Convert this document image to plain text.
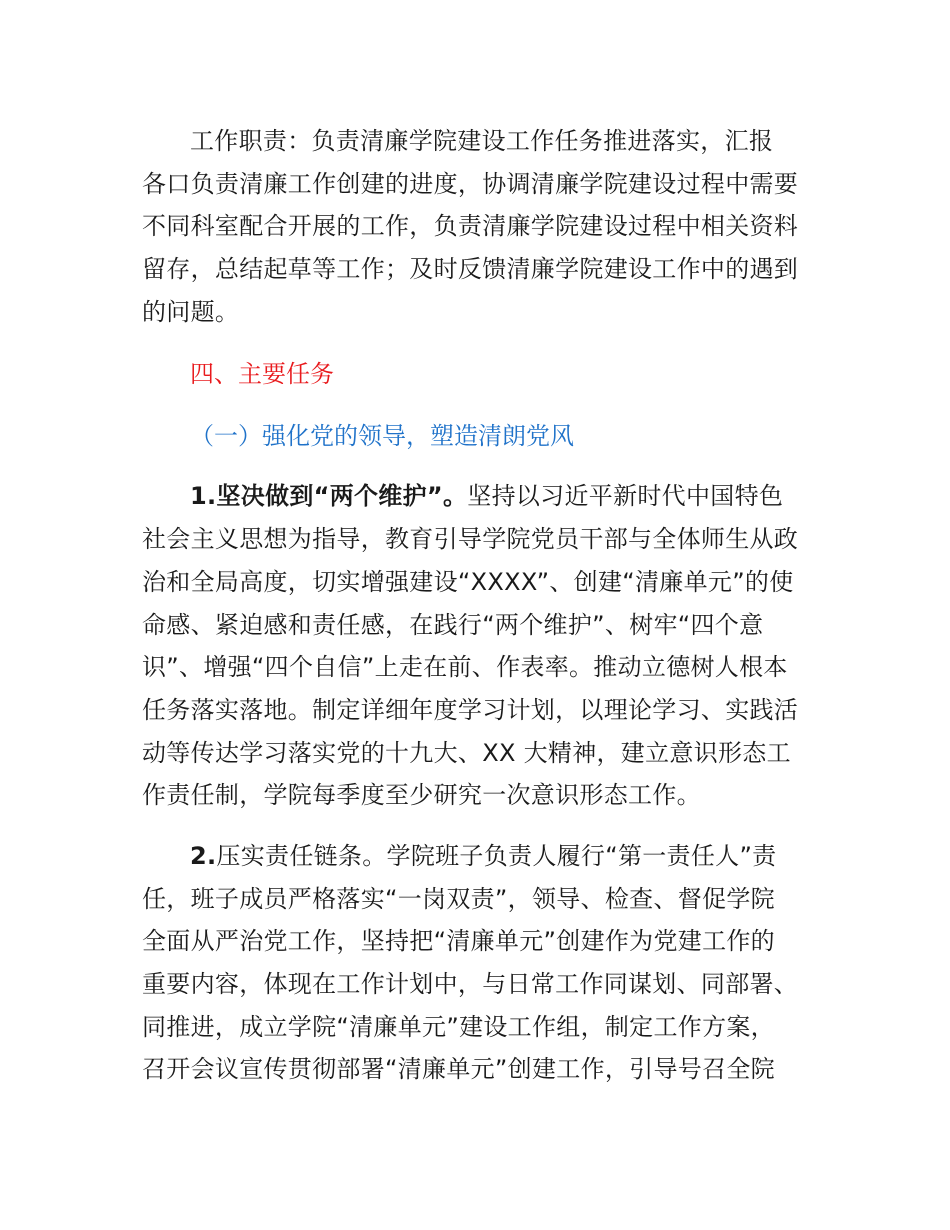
工作职责：负责清廉学院建设工作任务推进落实，汇报
各口负责清廉工作创建的进度，协调清廉学院建设过程中需要
不同科室配合开展的工作，负责清廉学院建设过程中相关资料
留存，总结起草等工作；及时反馈清廉学院建设工作中的遇到
的问题。
四、主要任务
（一）强化党的领导，塑造清朗党风
1.坚决做到“两个维护”。坚持以习近平新时代中国特色
社会主义思想为指导，教育引导学院党员干部与全体师生从政
治和全局高度，切实增强建设“XXXX”、创建“清廉单元”的使
命感、紧迫感和责任感，在践行“两个维护”、树牢“四个意
识”、增强“四个自信”上走在前、作表率。推动立德树人根本
任务落实落地。制定详细年度学习计划，以理论学习、实践活
动等传达学习落实党的十九大、XX 大精神，建立意识形态工
作责任制，学院每季度至少研究一次意识形态工作。
2.压实责任链条。学院班子负责人履行“第一责任人”责
任，班子成员严格落实“一岗双责”，领导、检查、督促学院
全面从严治党工作，坚持把“清廉单元”创建作为党建工作的
重要内容，体现在工作计划中，与日常工作同谋划、同部署、
同推进，成立学院“清廉单元”建设工作组，制定工作方案，
召开会议宣传贯彻部署“清廉单元”创建工作，引导号召全院
